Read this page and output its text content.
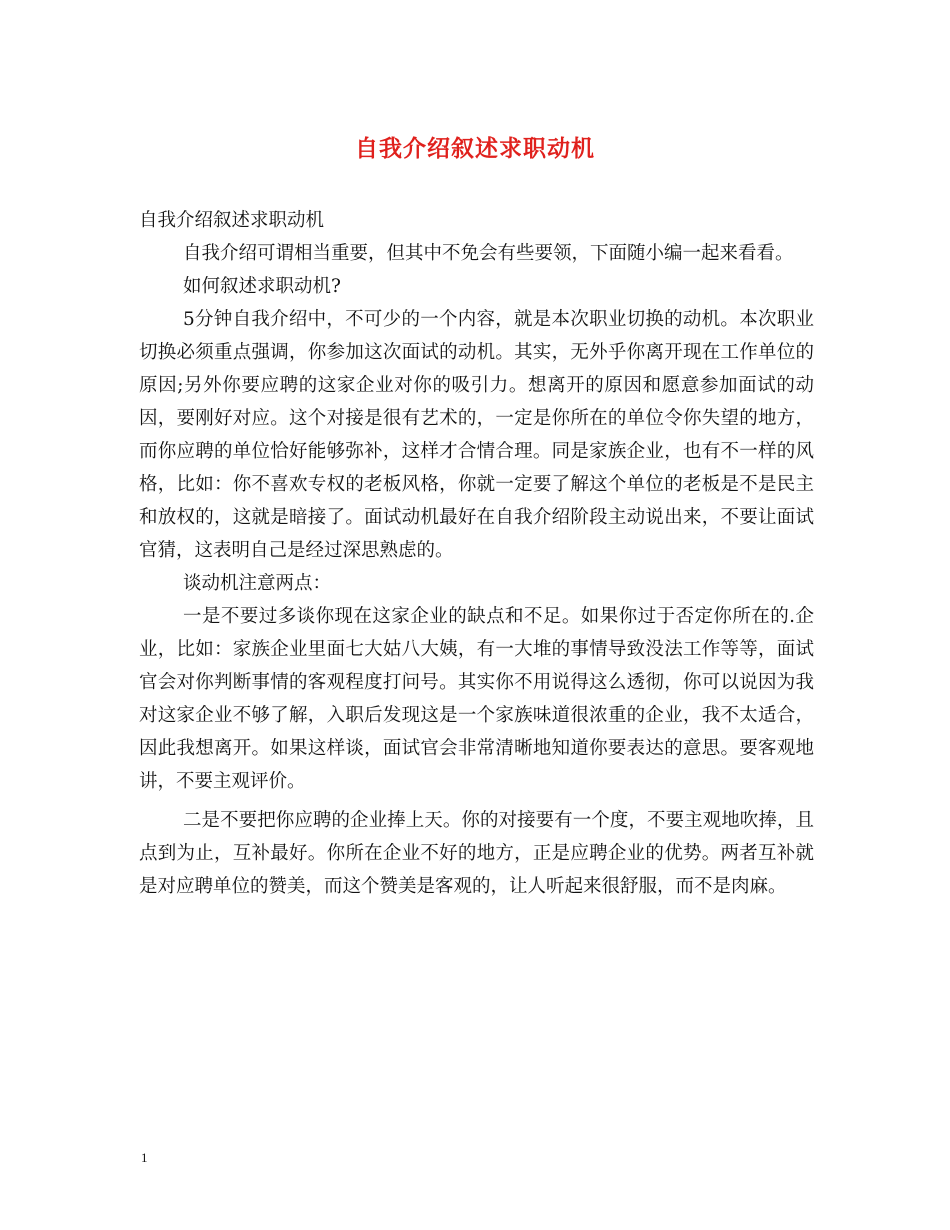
自我介绍叙述求职动机

自我介绍叙述求职动机

自我介绍可谓相当重要，但其中不免会有些要领，下面随小编一起来看看。

如何叙述求职动机?

5分钟自我介绍中，不可少的一个内容，就是本次职业切换的动机。本次职业切换必须重点强调，你参加这次面试的动机。其实，无外乎你离开现在工作单位的原因;另外你要应聘的这家企业对你的吸引力。想离开的原因和愿意参加面试的动因，要刚好对应。这个对接是很有艺术的，一定是你所在的单位令你失望的地方，而你应聘的单位恰好能够弥补，这样才合情合理。同是家族企业，也有不一样的风格，比如：你不喜欢专权的老板风格，你就一定要了解这个单位的老板是不是民主和放权的，这就是暗接了。面试动机最好在自我介绍阶段主动说出来，不要让面试官猜，这表明自己是经过深思熟虑的。

谈动机注意两点：

一是不要过多谈你现在这家企业的缺点和不足。如果你过于否定你所在的.企业，比如：家族企业里面七大姑八大姨，有一大堆的事情导致没法工作等等，面试官会对你判断事情的客观程度打问号。其实你不用说得这么透彻，你可以说因为我对这家企业不够了解，入职后发现这是一个家族味道很浓重的企业，我不太适合，因此我想离开。如果这样谈，面试官会非常清晰地知道你要表达的意思。要客观地讲，不要主观评价。

二是不要把你应聘的企业捧上天。你的对接要有一个度，不要主观地吹捧，且点到为止，互补最好。你所在企业不好的地方，正是应聘企业的优势。两者互补就是对应聘单位的赞美，而这个赞美是客观的，让人听起来很舒服，而不是肉麻。

1
